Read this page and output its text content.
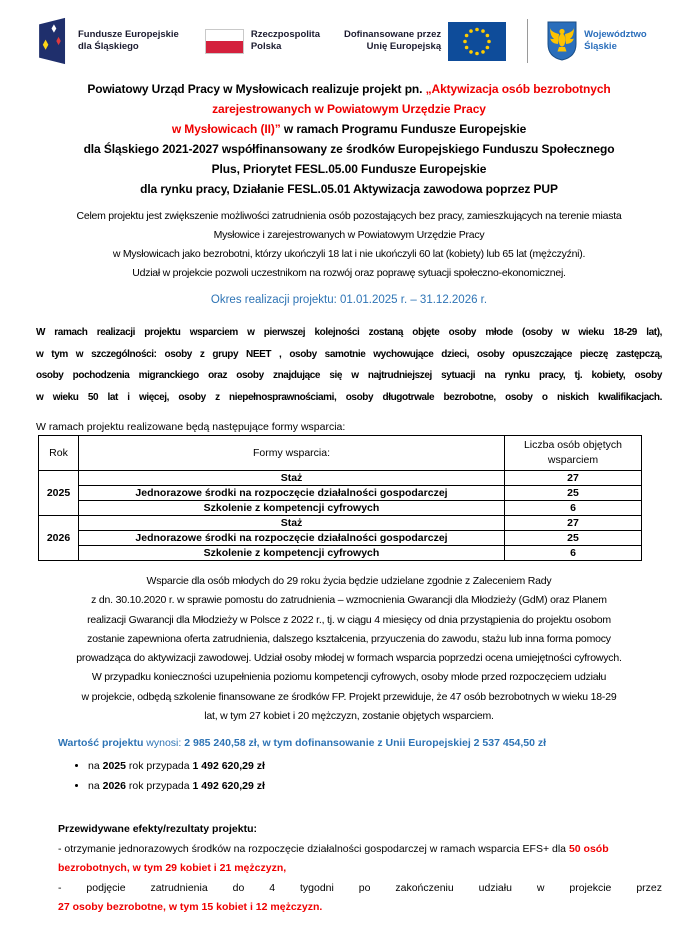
Fundusze Europejskie
dla Śląskiego
Rzeczpospolita
Polska
Dofinansowane przez
Unię Europejską
Województwo
Śląskie
Powiatowy Urząd Pracy w Mysłowicach realizuje projekt pn. „Aktywizacja osób bezrobotnych
zarejestrowanych w Powiatowym Urzędzie Pracy
w Mysłowicach (II)” w ramach Programu Fundusze Europejskie
dla Śląskiego 2021-2027 współfinansowany ze środków Europejskiego Funduszu Społecznego
Plus, Priorytet FESL.05.00 Fundusze Europejskie
dla rynku pracy, Działanie FESL.05.01 Aktywizacja zawodowa poprzez PUP
Celem projektu jest zwiększenie możliwości zatrudnienia osób pozostających bez pracy, zamieszkujących na terenie miasta
Mysłowice i zarejestrowanych w Powiatowym Urzędzie Pracy
w Mysłowicach jako bezrobotni, którzy ukończyli 18 lat i nie ukończyli 60 lat (kobiety) lub 65 lat (mężczyźni).
Udział w projekcie pozwoli uczestnikom na rozwój oraz poprawę sytuacji społeczno-ekonomicznej.
Okres realizacji projektu: 01.01.2025 r. – 31.12.2026 r.
W ramach realizacji projektu wsparciem w pierwszej kolejności zostaną objęte osoby młode (osoby w wieku 18-29 lat),
w tym w szczególności: osoby z grupy NEET , osoby samotnie wychowujące dzieci, osoby opuszczające pieczę zastępczą,
osoby pochodzenia migranckiego oraz osoby znajdujące się w najtrudniejszej sytuacji na rynku pracy, tj. kobiety, osoby
w wieku 50 lat i więcej, osoby z niepełnosprawnościami, osoby długotrwale bezrobotne, osoby o niskich kwalifikacjach.
W ramach projektu realizowane będą następujące formy wsparcia:
Rok	Formy wsparcia:	Liczba osób objętych wsparciem
2025	Staż	27
	Jednorazowe środki na rozpoczęcie działalności gospodarczej	25
	Szkolenie z kompetencji cyfrowych	6
2026	Staż	27
	Jednorazowe środki na rozpoczęcie działalności gospodarczej	25
	Szkolenie z kompetencji cyfrowych	6
Wsparcie dla osób młodych do 29 roku życia będzie udzielane zgodnie z Zaleceniem Rady
z dn. 30.10.2020 r. w sprawie pomostu do zatrudnienia – wzmocnienia Gwarancji dla Młodzieży (GdM) oraz Planem
realizacji Gwarancji dla Młodzieży w Polsce z 2022 r., tj. w ciągu 4 miesięcy od dnia przystąpienia do projektu osobom
zostanie zapewniona oferta zatrudnienia, dalszego kształcenia, przyuczenia do zawodu, stażu lub inna forma pomocy
prowadząca do aktywizacji zawodowej. Udział osoby młodej w formach wsparcia poprzedzi ocena umiejętności cyfrowych.
W przypadku konieczności uzupełnienia poziomu kompetencji cyfrowych, osoby młode przed rozpoczęciem udziału
w projekcie, odbędą szkolenie finansowane ze środków FP. Projekt przewiduje, że 47 osób bezrobotnych w wieku 18-29
lat, w tym 27 kobiet i 20 mężczyzn, zostanie objętych wsparciem.

Wartość projektu wynosi: 2 985 240,58 zł, w tym dofinansowanie z Unii Europejskiej 2 537 454,50 zł

• na 2025 rok przypada 1 492 620,29 zł
• na 2026 rok przypada 1 492 620,29 zł

Przewidywane efekty/rezultaty projektu:

- otrzymanie jednorazowych środków na rozpoczęcie działalności gospodarczej w ramach wsparcia EFS+ dla 50 osób bezrobotnych, w tym 29 kobiet i 21 mężczyzn,

- podjęcie zatrudnienia do 4 tygodni po zakończeniu udziału w projekcie przez

27 osoby bezrobotne, w tym 15 kobiet i 12 mężczyzn.
